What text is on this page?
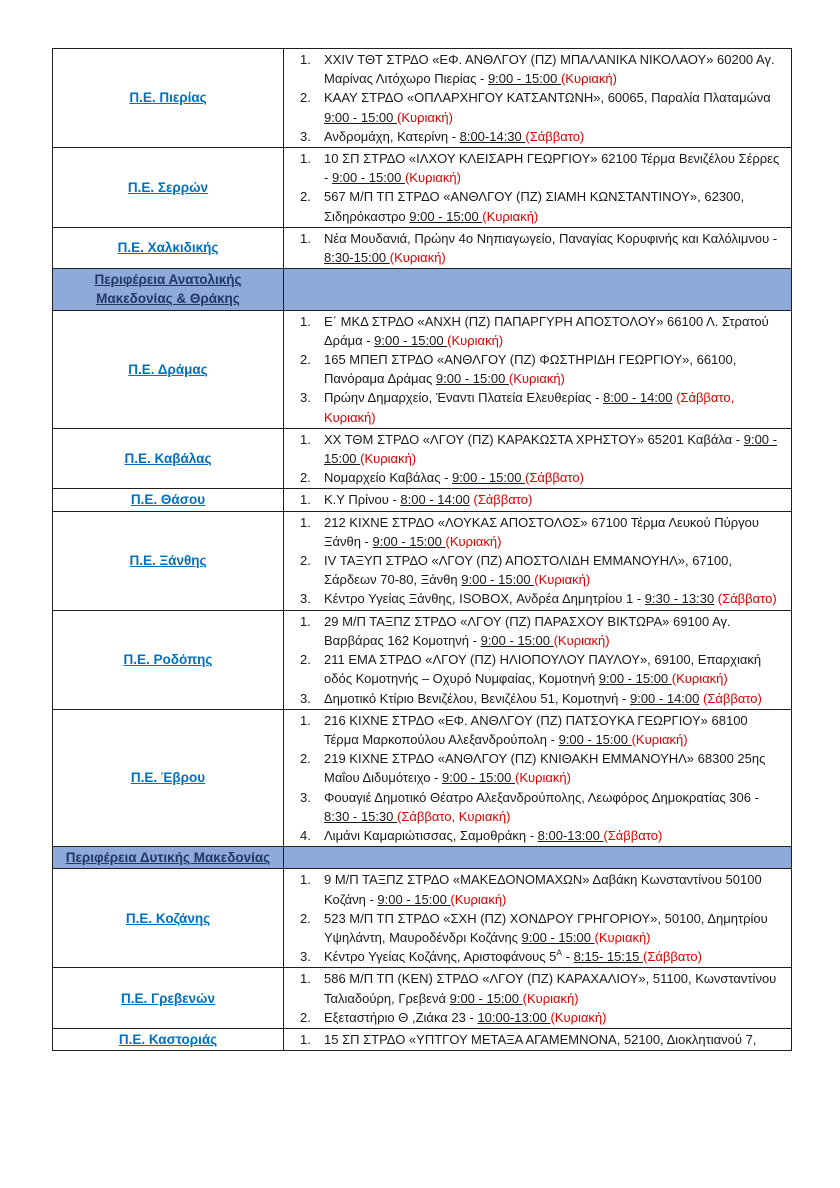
Π.Ε. Πιερίας	
XXIV ΤΘΤ ΣΤΡΔΟ «ΕΦ. ΑΝΘΛΓΟΥ (ΠΖ) ΜΠΑΛΑΝΙΚΑ ΝΙΚΟΛΑΟΥ» 60200 Αγ. Μαρίνας Λιτόχωρο Πιερίας - 9:00 - 15:00 (Κυριακή)
ΚΑΑΥ ΣΤΡΔΟ «ΟΠΛΑΡΧΗΓΟΥ ΚΑΤΣΑΝΤΩΝΗ», 60065, Παραλία Πλαταμώνα 9:00 - 15:00 (Κυριακή)
Ανδρομάχη, Κατερίνη - 8:00-14:30 (Σάββατο)

Π.Ε. Σερρών	
10 ΣΠ ΣΤΡΔΟ «ΙΛΧΟΥ ΚΛΕΙΣΑΡΗ ΓΕΩΡΓΙΟΥ» 62100 Τέρμα Βενιζέλου Σέρρες - 9:00 - 15:00 (Κυριακή)
567 Μ/Π ΤΠ ΣΤΡΔΟ «ΑΝΘΛΓΟΥ (ΠΖ) ΣΙΑΜΗ ΚΩΝΣΤΑΝΤΙΝΟΥ», 62300, Σιδηρόκαστρο 9:00 - 15:00 (Κυριακή)

Π.Ε. Χαλκιδικής	
Νέα Μουδανιά, Πρώην 4ο Νηπιαγωγείο, Παναγίας Κορυφινής και Καλόλιμνου - 8:30-15:00 (Κυριακή)

Περιφέρεια Ανατολικής Μακεδονίας & Θράκης	
Π.Ε. Δράμας	
Ε΄ ΜΚΔ ΣΤΡΔΟ «ΑΝΧΗ (ΠΖ) ΠΑΠΑΡΓΥΡΗ ΑΠΟΣΤΟΛΟΥ» 66100 Λ. Στρατού Δράμα - 9:00 - 15:00 (Κυριακή)
165 ΜΠΕΠ ΣΤΡΔΟ «ΑΝΘΛΓΟΥ (ΠΖ) ΦΩΣΤΗΡΙΔΗ ΓΕΩΡΓΙΟΥ», 66100, Πανόραμα Δράμας 9:00 - 15:00 (Κυριακή)
Πρώην Δημαρχείο, Έναντι Πλατεία Ελευθερίας - 8:00 - 14:00 (Σάββατο, Κυριακή)

Π.Ε. Καβάλας	
ΧΧ ΤΘΜ ΣΤΡΔΟ «ΛΓΟΥ (ΠΖ) ΚΑΡΑΚΩΣΤΑ ΧΡΗΣΤΟΥ» 65201 Καβάλα - 9:00 - 15:00 (Κυριακή)
Νομαρχείο Καβάλας - 9:00 - 15:00 (Σάββατο)

Π.Ε. Θάσου	Κ.Υ Πρίνου - 8:00 - 14:00 (Σάββατο)

Π.Ε. Ξάνθης	
212 ΚΙΧΝΕ ΣΤΡΔΟ «ΛΟΥΚΑΣ ΑΠΟΣΤΟΛΟΣ» 67100 Τέρμα Λευκού Πύργου Ξάνθη - 9:00 - 15:00 (Κυριακή)
IV ΤΑΞΥΠ ΣΤΡΔΟ «ΛΓΟΥ (ΠΖ) ΑΠΟΣΤΟΛΙΔΗ ΕΜΜΑΝΟΥΗΛ», 67100, Σάρδεων 70-80, Ξάνθη 9:00 - 15:00 (Κυριακή)
Κέντρο Υγείας Ξάνθης, ISOBOX, Ανδρέα Δημητρίου 1 - 9:30 - 13:30 (Σάββατο)

Π.Ε. Ροδόπης	
29 Μ/Π ΤΑΞΠΖ ΣΤΡΔΟ «ΛΓΟΥ (ΠΖ) ΠΑΡΑΣΧΟΥ ΒΙΚΤΩΡΑ» 69100 Αγ. Βαρβάρας 162 Κομοτηνή - 9:00 - 15:00 (Κυριακή)
211 ΕΜΑ ΣΤΡΔΟ «ΛΓΟΥ (ΠΖ) ΗΛΙΟΠΟΥΛΟΥ ΠΑΥΛΟΥ», 69100, Επαρχιακή οδός Κομοτηνής – Οχυρό Νυμφαίας, Κομοτηνή 9:00 - 15:00 (Κυριακή)
Δημοτικό Κτίριο Βενιζέλου, Βενιζέλου 51, Κομοτηνή - 9:00 - 14:00 (Σάββατο)

Π.Ε. Έβρου	
216 ΚΙΧΝΕ ΣΤΡΔΟ «ΕΦ. ΑΝΘΛΓΟΥ (ΠΖ) ΠΑΤΣΟΥΚΑ ΓΕΩΡΓΙΟΥ» 68100 Τέρμα Μαρκοπούλου Αλεξανδρούπολη - 9:00 - 15:00 (Κυριακή)
219 ΚΙΧΝΕ ΣΤΡΔΟ «ΑΝΘΛΓΟΥ (ΠΖ) ΚΝΙΘΑΚΗ ΕΜΜΑΝΟΥΗΛ» 68300 25ης Μαΐου Διδυμότειχο - 9:00 - 15:00 (Κυριακή)
Φουαγιέ Δημοτικό Θέατρο Αλεξανδρούπολης, Λεωφόρος Δημοκρατίας 306 - 8:30 - 15:30 (Σάββατο, Κυριακή)
Λιμάνι Καμαριώτισσας, Σαμοθράκη - 8:00-13:00 (Σάββατο)

Περιφέρεια Δυτικής Μακεδονίας	
Π.Ε. Κοζάνης	
9 Μ/Π ΤΑΞΠΖ ΣΤΡΔΟ «ΜΑΚΕΔΟΝΟΜΑΧΩΝ» Δαβάκη Κωνσταντίνου 50100 Κοζάνη - 9:00 - 15:00 (Κυριακή)
523 Μ/Π ΤΠ ΣΤΡΔΟ «ΣΧΗ (ΠΖ) ΧΟΝΔΡΟΥ ΓΡΗΓΟΡΙΟΥ», 50100, Δημητρίου Υψηλάντη, Μαυροδένδρι Κοζάνης 9:00 - 15:00 (Κυριακή)
Κέντρο Υγείας Κοζάνης, Αριστοφάνους $5^A$ - 8:15- 15:15 (Σάββατο)

Π.Ε. Γρεβενών	
586 Μ/Π ΤΠ (ΚΕΝ) ΣΤΡΔΟ «ΛΓΟΥ (ΠΖ) ΚΑΡΑΧΑΛΙΟΥ», 51100, Κωνσταντίνου Ταλιαδούρη, Γρεβενά 9:00 - 15:00 (Κυριακή)
Εξεταστήριο Θ ,Ζιάκα 23 - 10:00-13:00 (Κυριακή)

Π.Ε. Καστοριάς	15 ΣΠ ΣΤΡΔΟ «ΥΠΤΓΟΥ ΜΕΤΑΞΑ ΑΓΑΜΕΜΝΟΝΑ, 52100, Διοκλητιανού 7,
